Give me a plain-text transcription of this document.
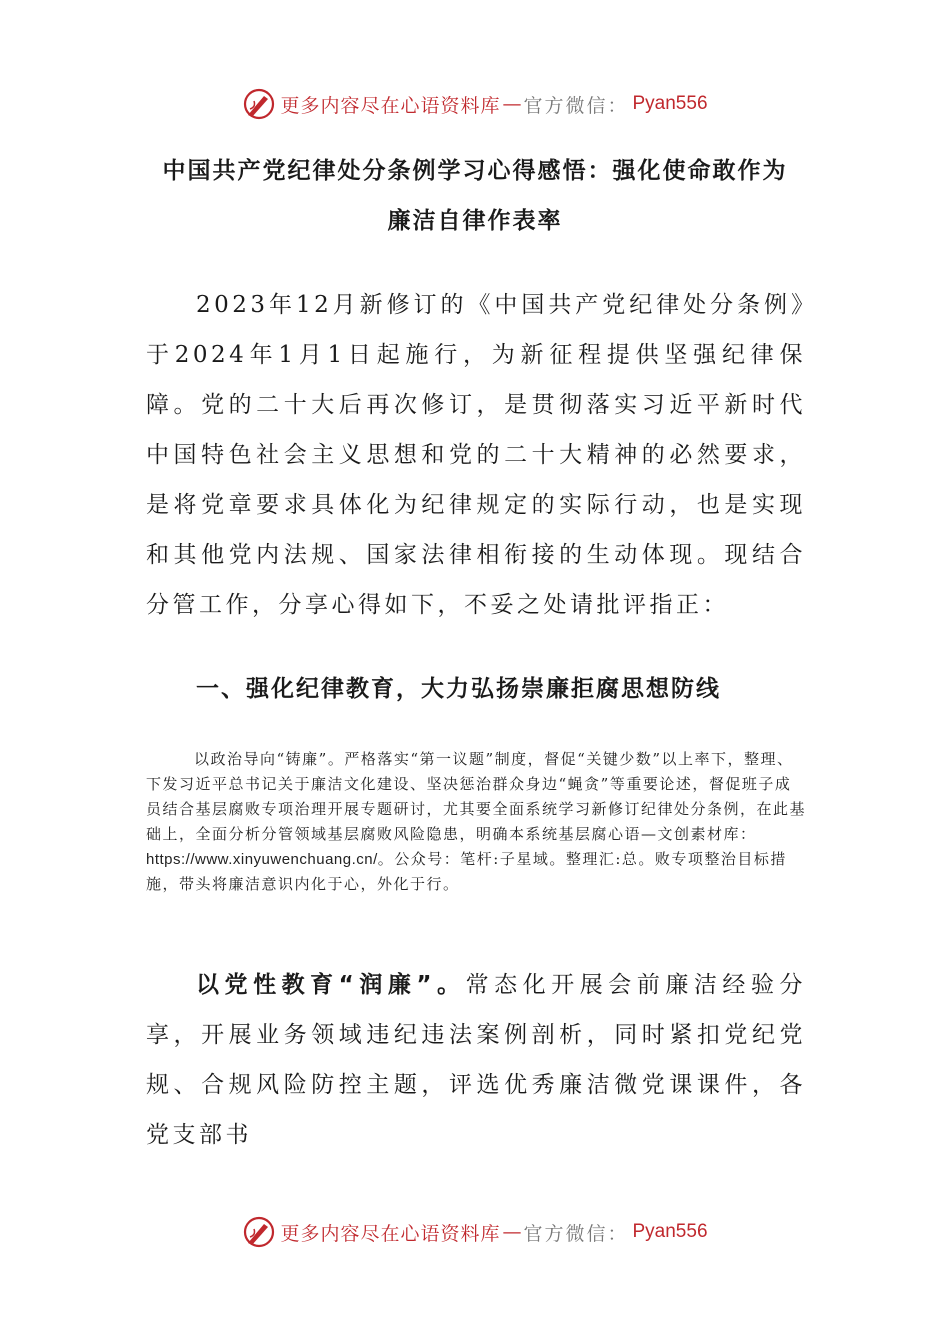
更多内容尽在心语资料库 — 官方微信： Pyan556
中国共产党纪律处分条例学习心得感悟：强化使命敢作为
廉洁自律作表率

2023年12月新修订的《中国共产党纪律处分条例》于2024年1月1日起施行，为新征程提供坚强纪律保障。党的二十大后再次修订，是贯彻落实习近平新时代中国特色社会主义思想和党的二十大精神的必然要求，是将党章要求具体化为纪律规定的实际行动，也是实现和其他党内法规、国家法律相衔接的生动体现。现结合分管工作，分享心得如下，不妥之处请批评指正：

一、强化纪律教育，大力弘扬崇廉拒腐思想防线

以政治导向“铸廉”。严格落实“第一议题”制度，督促“关键少数”以上率下，整理、下发习近平总书记关于廉洁文化建设、坚决惩治群众身边“蝇贪”等重要论述，督促班子成员结合基层腐败专项治理开展专题研讨，尤其要全面系统学习新修订纪律处分条例，在此基础上，全面分析分管领域基层腐败风险隐患，明确本系统基层腐心语—文创素材库：https://www.xinyuwenchuang.cn/。公众号：笔杆:子星域。整理汇:总。败专项整治目标措施，带头将廉洁意识内化于心，外化于行。

以党性教育“润廉”。常态化开展会前廉洁经验分享，开展业务领域违纪违法案例剖析，同时紧扣党纪党规、合规风险防控主题，评选优秀廉洁微党课课件，各党支部书

更多内容尽在心语资料库 — 官方微信： Pyan556
